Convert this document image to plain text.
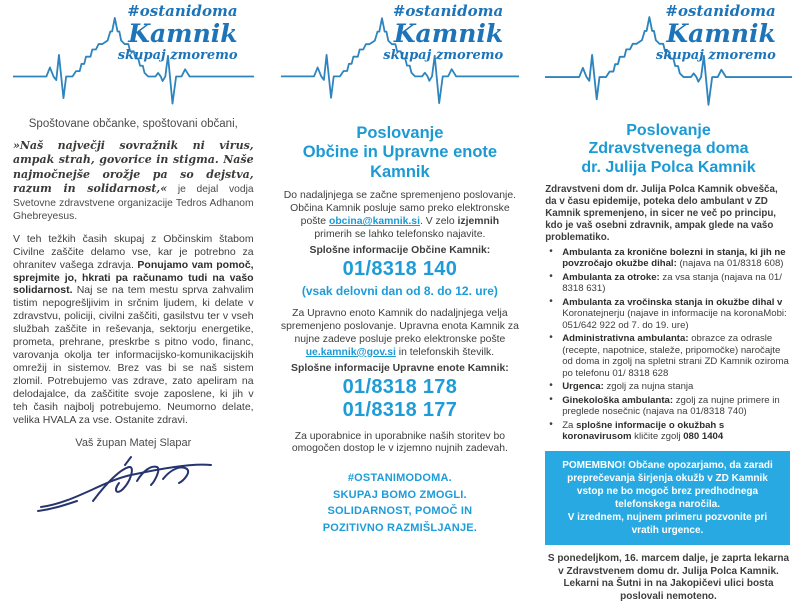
#ostanidoma
Kamnik
skupaj zmoremo

Spoštovane občanke, spoštovani občani,

»Naš največji sovražnik ni virus, ampak strah, govorice in stigma. Naše najmočnejše orožje pa so dejstva, razum in solidarnost,« je dejal vodja Svetovne zdravstvene organizacije Tedros Adhanom Ghebreyesus.

V teh težkih časih skupaj z Občinskim štabom Civilne zaščite delamo vse, kar je potrebno za ohranitev vašega zdravja. Ponujamo vam pomoč, sprejmite jo, hkrati pa računamo tudi na vašo solidarnost. Naj se na tem mestu sprva zahvalim tistim nepogrešljivim in srčnim ljudem, ki delate v zdravstvu, policiji, civilni zaščiti, gasilstvu ter v vseh službah zaščite in reševanja, sektorju energetike, prometa, prehrane, preskrbe s pitno vodo, financ, varovanja okolja ter informacijsko-komunikacijskih omrežij in sistemov. Brez vas bi se naš sistem zlomil. Potrebujemo vas zdrave, zato apeliram na delodajalce, da zaščitite svoje zaposlene, ki jih v teh časih najbolj potrebujemo. Neumorno delate, velika HVALA za vse. Ostanite zdravi.

Vaš župan Matej Slapar

#ostanidoma
Kamnik
skupaj zmoremo
Poslovanje
Občine in Upravne enote Kamnik

Do nadaljnjega se začne spremenjeno poslovanje. Občina Kamnik posluje samo preko elektronske pošte obcina@kamnik.si. V zelo izjemnih primerih se lahko telefonsko najavite.

Splošne informacije Občine Kamnik:

01/8318 140
(vsak delovni dan od 8. do 12. ure)

Za Upravno enoto Kamnik do nadaljnjega velja spremenjeno poslovanje. Upravna enota Kamnik za nujne zadeve posluje preko elektronske pošte ue.kamnik@gov.si in telefonskih številk.

Splošne informacije Upravne enote Kamnik:

01/8318 178
01/8318 177

Za uporabnice in uporabnike naših storitev bo omogočen dostop le v izjemno nujnih zadevah.

#OSTANIMODOMA.
SKUPAJ BOMO ZMOGLI.
SOLIDARNOST, POMOČ IN
POZITIVNO RAZMIŠLJANJE.
#ostanidoma
Kamnik
skupaj zmoremo
Poslovanje
Zdravstvenega doma
dr. Julija Polca Kamnik

Zdravstveni dom dr. Julija Polca Kamnik obvešča, da v času epidemije, poteka delo ambulant v ZD Kamnik spremenjeno, in sicer ne več po principu, kdo je vaš osebni zdravnik, ampak glede na vašo problematiko.

• Ambulanta za kronične bolezni in stanja, ki jih ne povzročajo okužbe dihal: (najava na 01/8318 608)
• Ambulanta za otroke: za vsa stanja (najava na 01/ 8318 631)
• Ambulanta za vročinska stanja in okužbe dihal v Koronatejnerju (najave in informacije na koronaMobi: 051/642 922 od 7. do 19. ure)
• Administrativna ambulanta: obrazce za odrasle (recepte, napotnice, staleže, pripomočke) naročajte od doma in zgolj na spletni strani ZD Kamnik oziroma po telefonu 01/ 8318 628
• Urgenca: zgolj za nujna stanja
• Ginekološka ambulanta: zgolj za nujne primere in preglede nosečnic (najava na 01/8318 740)
• Za splošne informacije o okužbah s koronavirusom kličite zgolj 080 1404

POMEMBNO! Občane opozarjamo, da zaradi preprečevanja širjenja okužb v ZD Kamnik vstop ne bo mogoč brez predhodnega telefonskega naročila.

V izrednem, nujnem primeru pozvonite pri vratih urgence.

S ponedeljkom, 16. marcem dalje, je zaprta lekarna
v Zdravstvenem domu dr. Julija Polca Kamnik.
Lekarni na Šutni in na Jakopičevi ulici bosta poslovali nemoteno.
